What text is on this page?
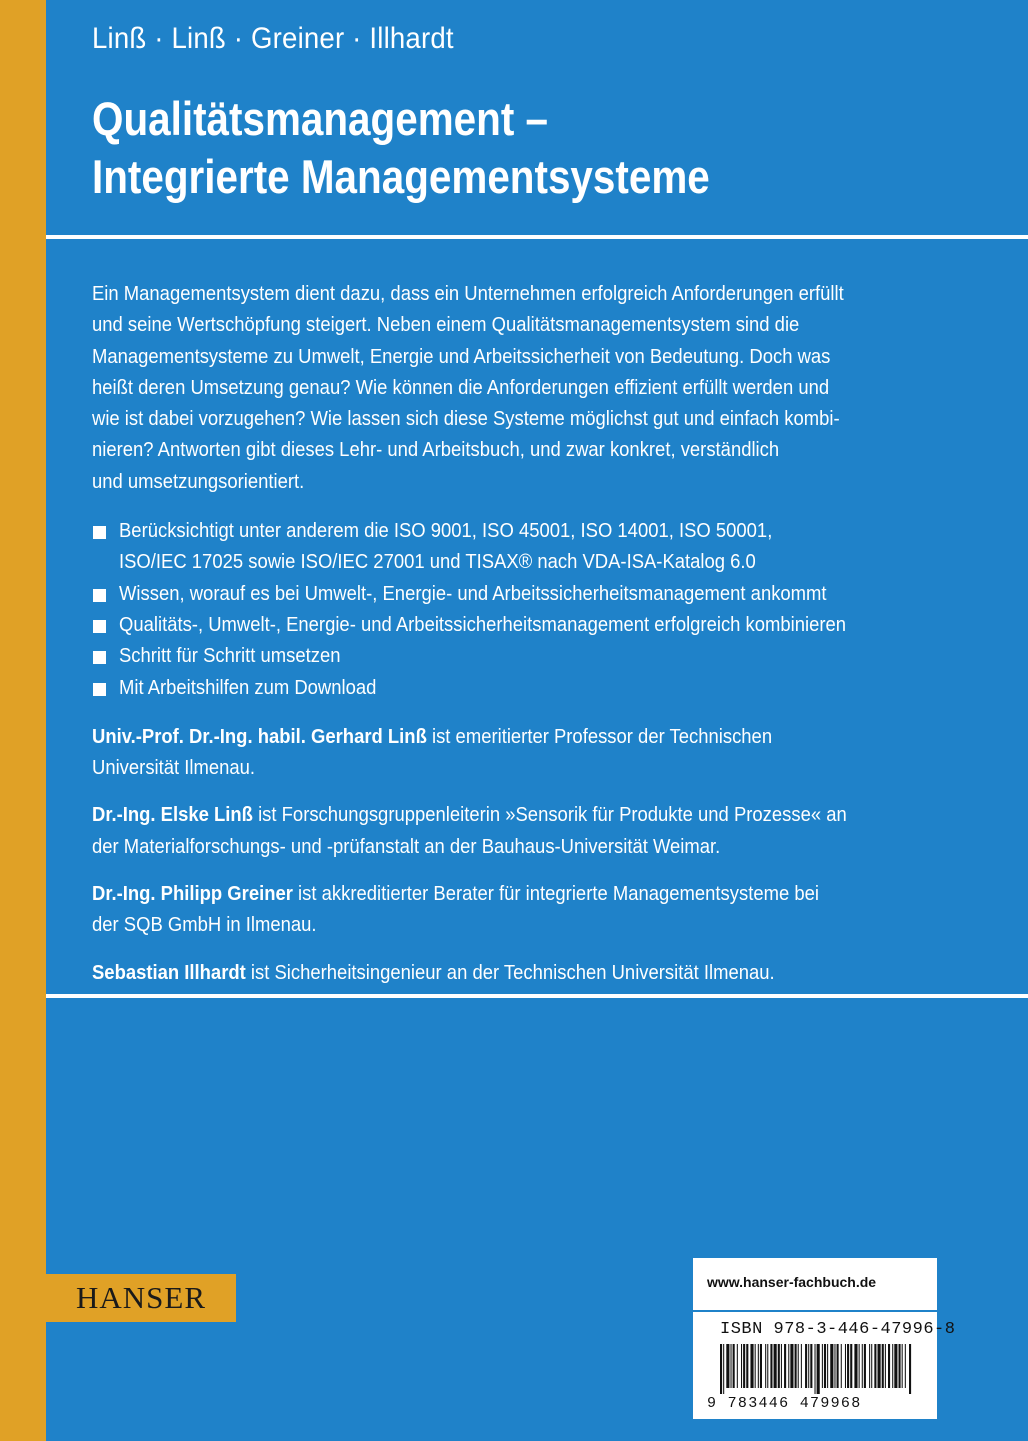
Linß · Linß · Greiner · Illhardt
Qualitätsmanagement –
Integrierte Managementsysteme

Ein Managementsystem dient dazu, dass ein Unternehmen erfolgreich Anforderungen erfüllt
und seine Wertschöpfung steigert. Neben einem Qualitätsmanagementsystem sind die
Managementsysteme zu Umwelt, Energie und Arbeitssicherheit von Bedeutung. Doch was
heißt deren Umsetzung genau? Wie können die Anforderungen effizient erfüllt werden und
wie ist dabei vorzugehen? Wie lassen sich diese Systeme möglichst gut und einfach kombi-
nieren? Antworten gibt dieses Lehr- und Arbeitsbuch, und zwar konkret, verständlich
und umsetzungsorientiert.

Berücksichtigt unter anderem die ISO 9001, ISO 45001, ISO 14001, ISO 50001,
ISO/IEC 17025 sowie ISO/IEC 27001 und TISAX® nach VDA-ISA-Katalog 6.0
Wissen, worauf es bei Umwelt-, Energie- und Arbeitssicherheitsmanagement ankommt
Qualitäts-, Umwelt-, Energie- und Arbeitssicherheitsmanagement erfolgreich kombinieren
Schritt für Schritt umsetzen
Mit Arbeitshilfen zum Download

Univ.-Prof. Dr.-Ing. habil. Gerhard Linß ist emeritierter Professor der Technischen
Universität Ilmenau.

Dr.-Ing. Elske Linß ist Forschungsgruppenleiterin »Sensorik für Produkte und Prozesse« an
der Materialforschungs- und -prüfanstalt an der Bauhaus-Universität Weimar.

Dr.-Ing. Philipp Greiner ist akkreditierter Berater für integrierte Managementsysteme bei
der SQB GmbH in Ilmenau.

Sebastian Illhardt ist Sicherheitsingenieur an der Technischen Universität Ilmenau.

HANSER	www.hanser-fachbuch.de
ISBN 978-3-446-47996-8
9 783446 479968
